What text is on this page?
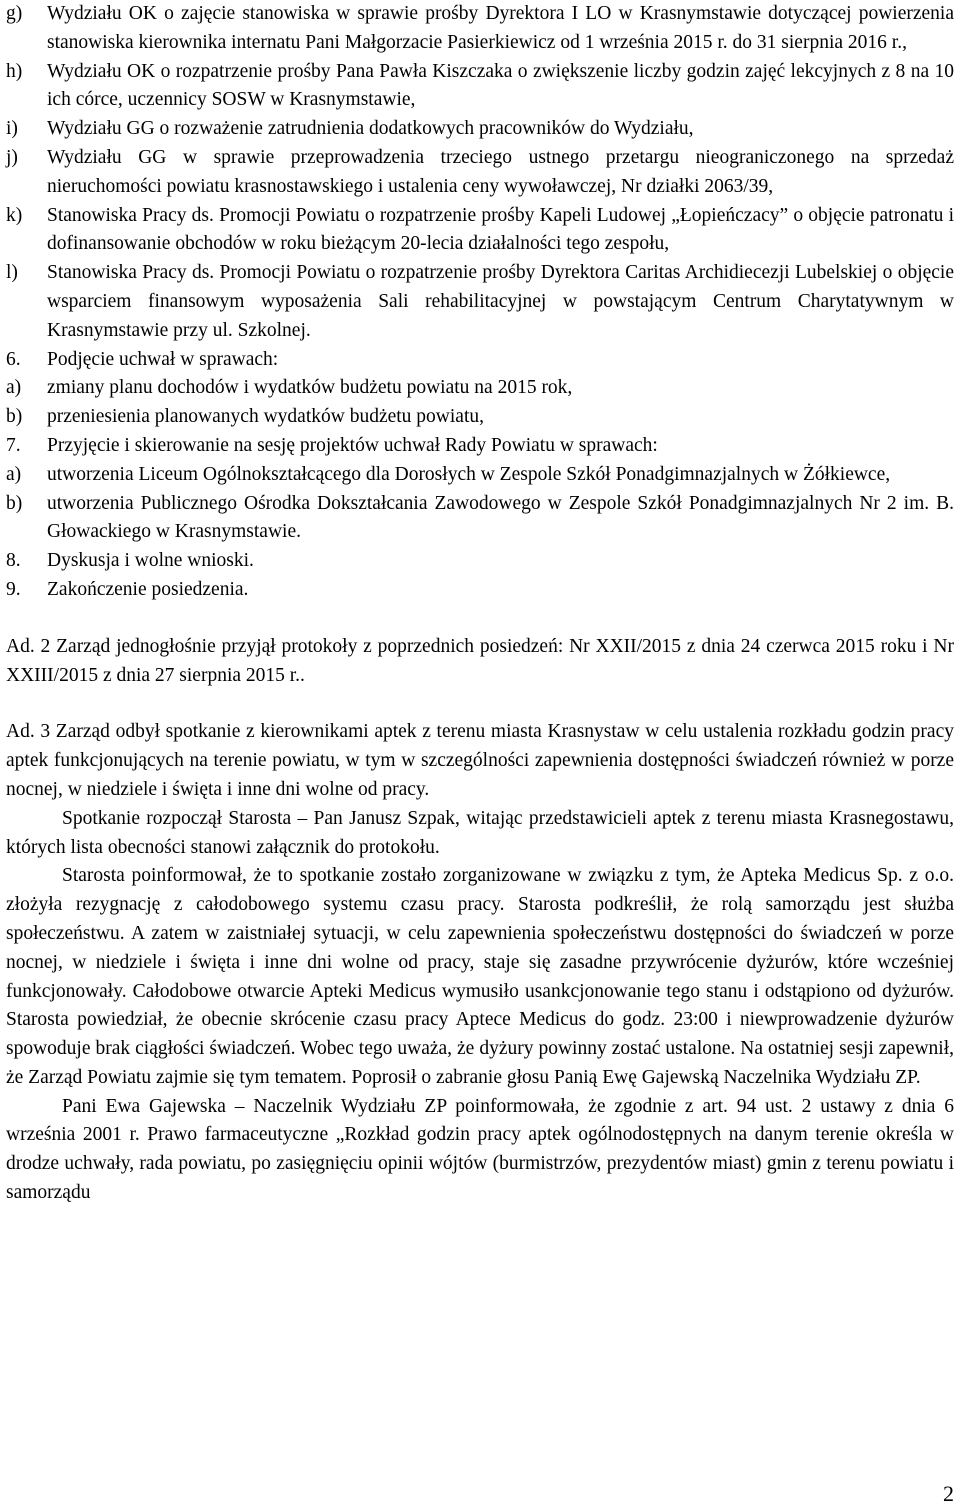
g) Wydziału OK o zajęcie stanowiska w sprawie prośby Dyrektora I LO w Krasnymstawie dotyczącej powierzenia stanowiska kierownika internatu Pani Małgorzacie Pasierkiewicz od 1 września 2015 r. do 31 sierpnia 2016 r.,
h) Wydziału OK o rozpatrzenie prośby Pana Pawła Kiszczaka o zwiększenie liczby godzin zajęć lekcyjnych z 8 na 10 ich córce, uczennicy SOSW w Krasnymstawie,
i) Wydziału GG o rozważenie zatrudnienia dodatkowych pracowników do Wydziału,
j) Wydziału GG w sprawie przeprowadzenia trzeciego ustnego przetargu nieograniczonego na sprzedaż nieruchomości powiatu krasnostawskiego i ustalenia ceny wywoławczej, Nr działki 2063/39,
k) Stanowiska Pracy ds. Promocji Powiatu o rozpatrzenie prośby Kapeli Ludowej „Łopieńczacy” o objęcie patronatu i dofinansowanie obchodów w roku bieżącym 20-lecia działalności tego zespołu,
l) Stanowiska Pracy ds. Promocji Powiatu o rozpatrzenie prośby Dyrektora Caritas Archidiecezji Lubelskiej o objęcie wsparciem finansowym wyposażenia Sali rehabilitacyjnej w powstającym Centrum Charytatywnym w Krasnymstawie przy ul. Szkolnej.
6. Podjęcie uchwał w sprawach:
a) zmiany planu dochodów i wydatków budżetu powiatu na 2015 rok,
b) przeniesienia planowanych wydatków budżetu powiatu,
7. Przyjęcie i skierowanie na sesję projektów uchwał Rady Powiatu w sprawach:
a) utworzenia Liceum Ogólnokształcącego dla Dorosłych w Zespole Szkół Ponadgimnazjalnych w Żółkiewce,
b) utworzenia Publicznego Ośrodka Dokształcania Zawodowego w Zespole Szkół Ponadgimnazjalnych Nr 2 im. B. Głowackiego w Krasnymstawie.
8. Dyskusja i wolne wnioski.
9. Zakończenie posiedzenia.

Ad. 2 Zarząd jednogłośnie przyjął protokoły z poprzednich posiedzeń: Nr XXII/2015 z dnia 24 czerwca 2015 roku i Nr XXIII/2015 z dnia 27 sierpnia 2015 r..

Ad. 3 Zarząd odbył spotkanie z kierownikami aptek z terenu miasta Krasnystaw w celu ustalenia rozkładu godzin pracy aptek funkcjonujących na terenie powiatu, w tym w szczególności zapewnienia dostępności świadczeń również w porze nocnej, w niedziele i święta i inne dni wolne od pracy.

Spotkanie rozpoczął Starosta – Pan Janusz Szpak, witając przedstawicieli aptek z terenu miasta Krasnegostawu, których lista obecności stanowi załącznik do protokołu.

Starosta poinformował, że to spotkanie zostało zorganizowane w związku z tym, że Apteka Medicus Sp. z o.o. złożyła rezygnację z całodobowego systemu czasu pracy. Starosta podkreślił, że rolą samorządu jest służba społeczeństwu. A zatem w zaistniałej sytuacji, w celu zapewnienia społeczeństwu dostępności do świadczeń w porze nocnej, w niedziele i święta i inne dni wolne od pracy, staje się zasadne przywrócenie dyżurów, które wcześniej funkcjonowały. Całodobowe otwarcie Apteki Medicus wymusiło usankcjonowanie tego stanu i odstąpiono od dyżurów. Starosta powiedział, że obecnie skrócenie czasu pracy Aptece Medicus do godz. 23:00 i niewprowadzenie dyżurów spowoduje brak ciągłości świadczeń. Wobec tego uważa, że dyżury powinny zostać ustalone. Na ostatniej sesji zapewnił, że Zarząd Powiatu zajmie się tym tematem. Poprosił o zabranie głosu Panią Ewę Gajewską Naczelnika Wydziału ZP.

Pani Ewa Gajewska – Naczelnik Wydziału ZP poinformowała, że zgodnie z art. 94 ust. 2 ustawy z dnia 6 września 2001 r. Prawo farmaceutyczne „Rozkład godzin pracy aptek ogólnodostępnych na danym terenie określa w drodze uchwały, rada powiatu, po zasięgnięciu opinii wójtów (burmistrzów, prezydentów miast) gmin z terenu powiatu i samorządu

2
